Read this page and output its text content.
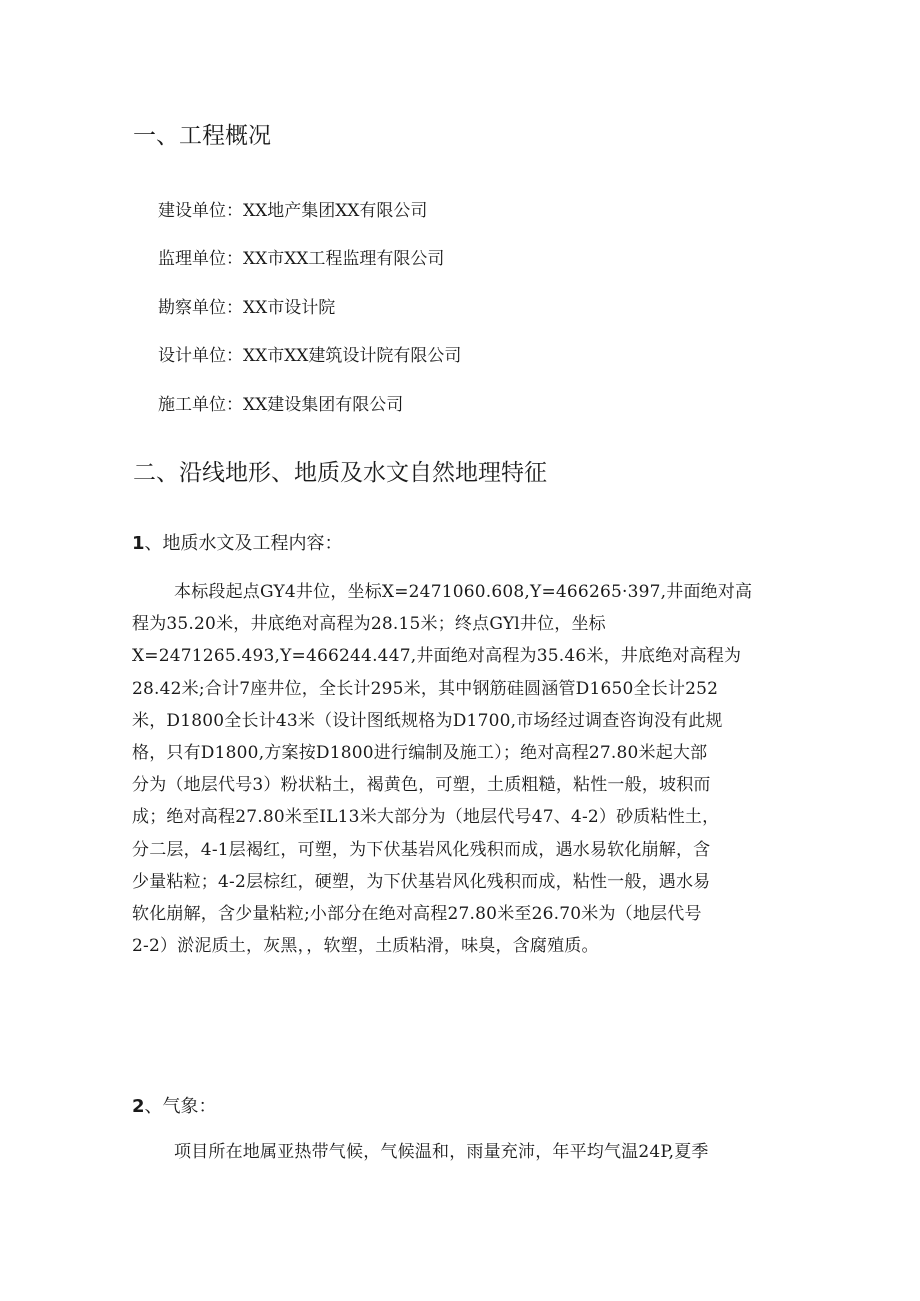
一、工程概况
建设单位：XX地产集团XX有限公司
监理单位：XX市XX工程监理有限公司
勘察单位：XX市设计院
设计单位：XX市XX建筑设计院有限公司
施工单位：XX建设集团有限公司
二、沿线地形、地质及水文自然地理特征
1、地质水文及工程内容：
本标段起点GY4井位，坐标X=2471060.608,Y=466265·397,井面绝对高
程为35.20米，井底绝对高程为28.15米；终点GYl井位，坐标
X=2471265.493,Y=466244.447,井面绝对高程为35.46米，井底绝对高程为
28.42米;合计7座井位，全长计295米，其中钢筋硅圆涵管D1650全长计252
米，D1800全长计43米（设计图纸规格为D1700,市场经过调查咨询没有此规
格，只有D1800,方案按D1800进行编制及施工）；绝对高程27.80米起大部
分为（地层代号3）粉状粘土，褐黄色，可塑，土质粗糙，粘性一般，坡积而
成；绝对高程27.80米至IL13米大部分为（地层代号47、4-2）砂质粘性土，
分二层，4-1层褐红，可塑，为下伏基岩风化残积而成，遇水易软化崩解，含
少量粘粒；4-2层棕红，硬塑，为下伏基岩风化残积而成，粘性一般，遇水易
软化崩解，含少量粘粒;小部分在绝对高程27.80米至26.70米为（地层代号
2-2）淤泥质土，灰黑，，软塑，土质粘滑，味臭，含腐殖质。
2、气象：
项目所在地属亚热带气候，气候温和，雨量充沛，年平均气温24P,夏季
